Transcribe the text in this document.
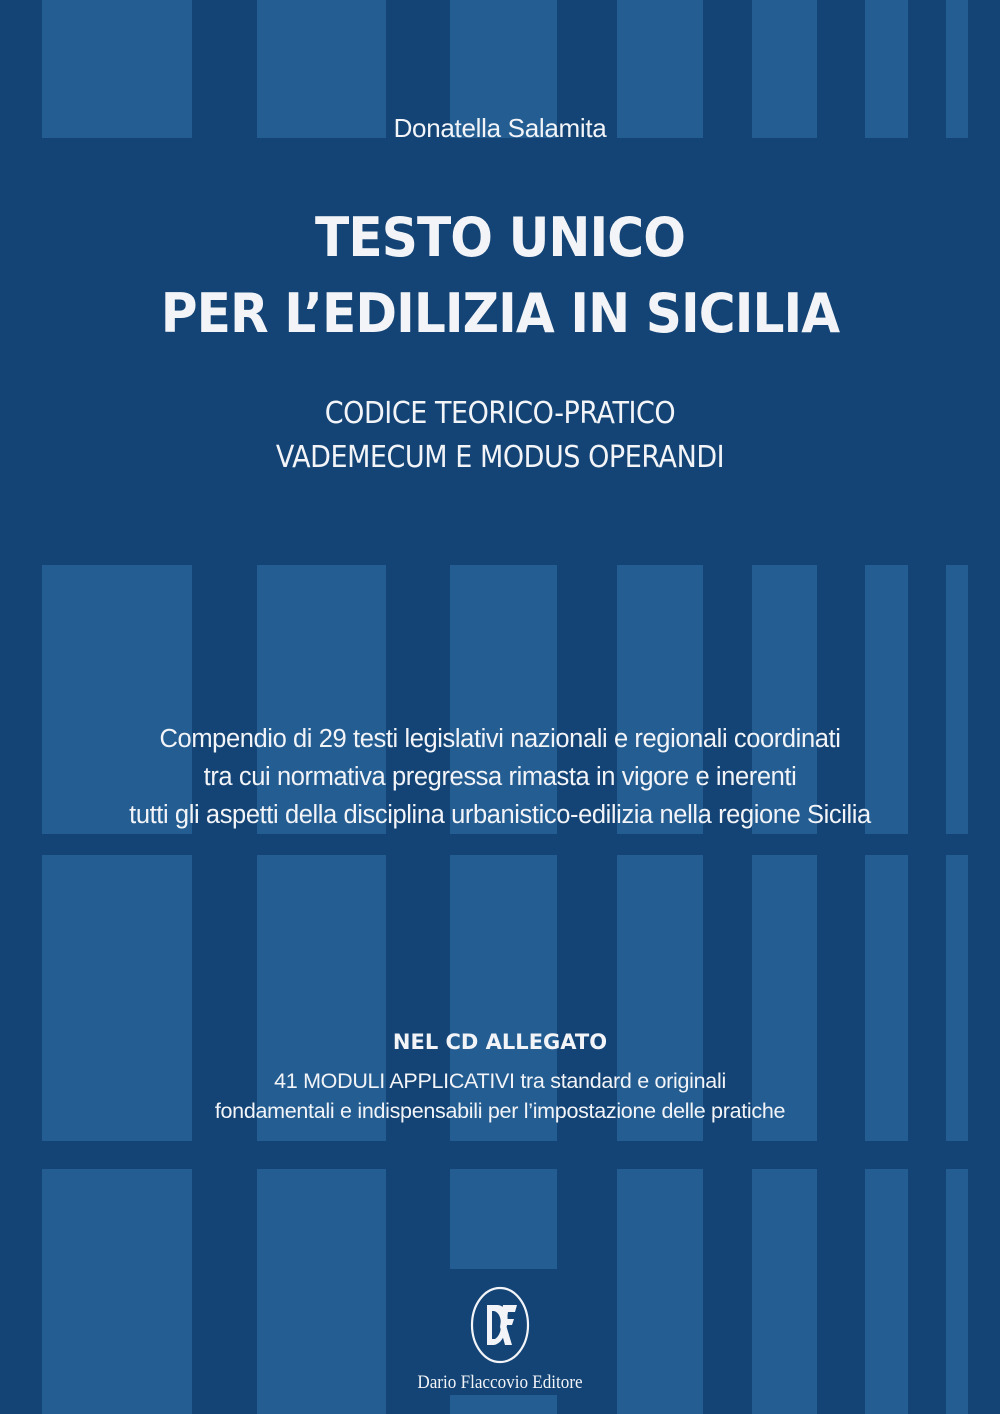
Donatella Salamita
TESTO UNICO
PER L’EDILIZIA IN SICILIA
CODICE TEORICO-PRATICO
VADEMECUM E MODUS OPERANDI
Compendio di 29 testi legislativi nazionali e regionali coordinati
tra cui normativa pregressa rimasta in vigore e inerenti
tutti gli aspetti della disciplina urbanistico-edilizia nella regione Sicilia
NEL CD ALLEGATO
41 MODULI APPLICATIVI tra standard e originali
fondamentali e indispensabili per l’impostazione delle pratiche
Dario Flaccovio Editore
